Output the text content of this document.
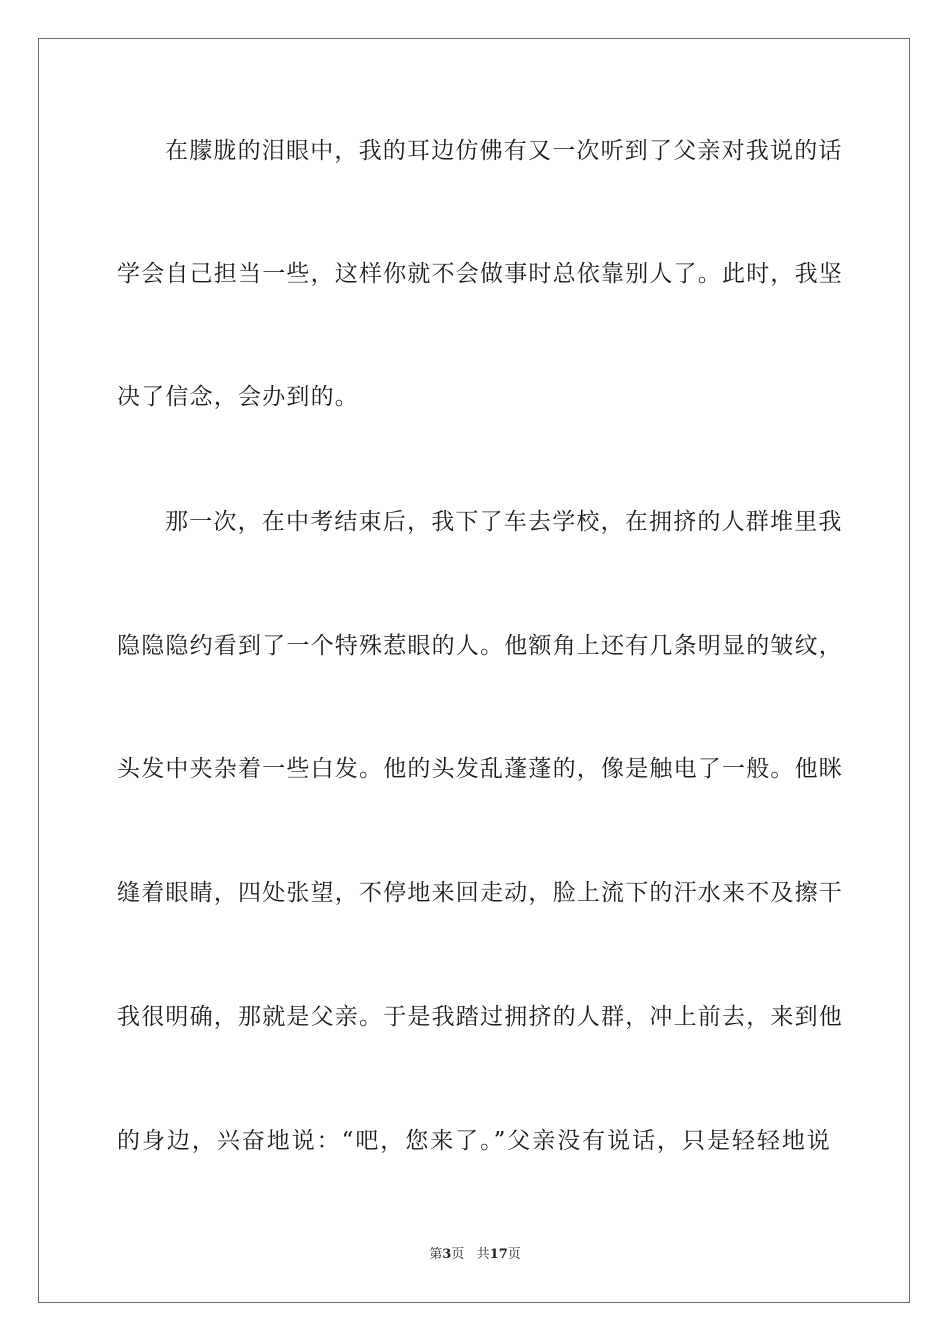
在朦胧的泪眼中，我的耳边仿佛有又一次听到了父亲对我说的话
学会自己担当一些，这样你就不会做事时总依靠别人了。此时，我坚
决了信念，会办到的。
那一次，在中考结束后，我下了车去学校，在拥挤的人群堆里我
隐隐隐约看到了一个特殊惹眼的人。他额角上还有几条明显的皱纹，
头发中夹杂着一些白发。他的头发乱蓬蓬的，像是触电了一般。他眯
缝着眼睛，四处张望，不停地来回走动，脸上流下的汗水来不及擦干
我很明确，那就是父亲。于是我踏过拥挤的人群，冲上前去，来到他
的身边，兴奋地说：“吧，您来了。”父亲没有说话，只是轻轻地说
第3页 共17页
